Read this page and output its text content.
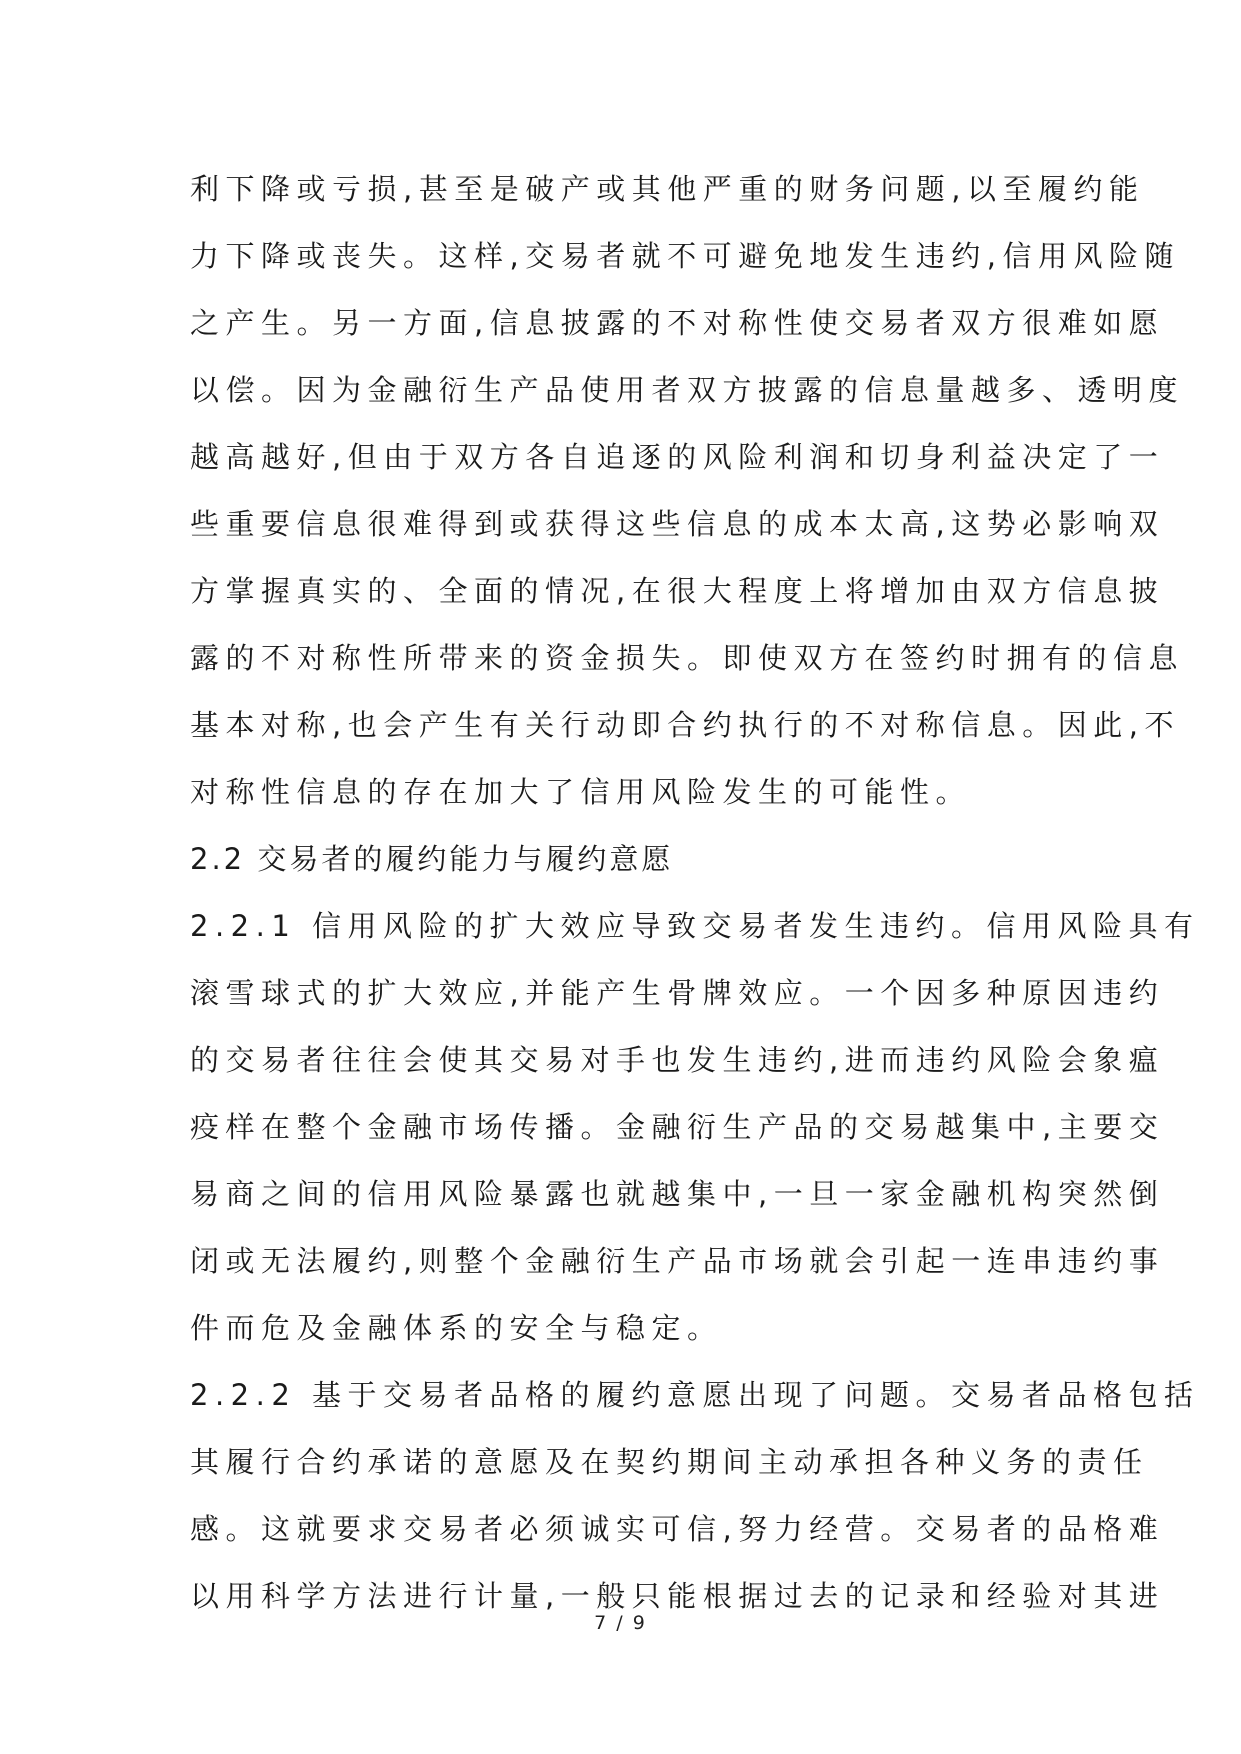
利下降或亏损,甚至是破产或其他严重的财务问题,以至履约能
力下降或丧失。这样,交易者就不可避免地发生违约,信用风险随
之产生。另一方面,信息披露的不对称性使交易者双方很难如愿
以偿。因为金融衍生产品使用者双方披露的信息量越多、透明度
越高越好,但由于双方各自追逐的风险利润和切身利益决定了一
些重要信息很难得到或获得这些信息的成本太高,这势必影响双
方掌握真实的、全面的情况,在很大程度上将增加由双方信息披
露的不对称性所带来的资金损失。即使双方在签约时拥有的信息
基本对称,也会产生有关行动即合约执行的不对称信息。因此,不
对称性信息的存在加大了信用风险发生的可能性。
2.2 交易者的履约能力与履约意愿
2.2.1 信用风险的扩大效应导致交易者发生违约。信用风险具有
滚雪球式的扩大效应,并能产生骨牌效应。一个因多种原因违约
的交易者往往会使其交易对手也发生违约,进而违约风险会象瘟
疫样在整个金融市场传播。金融衍生产品的交易越集中,主要交
易商之间的信用风险暴露也就越集中,一旦一家金融机构突然倒
闭或无法履约,则整个金融衍生产品市场就会引起一连串违约事
件而危及金融体系的安全与稳定。
2.2.2 基于交易者品格的履约意愿出现了问题。交易者品格包括
其履行合约承诺的意愿及在契约期间主动承担各种义务的责任
感。这就要求交易者必须诚实可信,努力经营。交易者的品格难
以用科学方法进行计量,一般只能根据过去的记录和经验对其进
7 / 9
